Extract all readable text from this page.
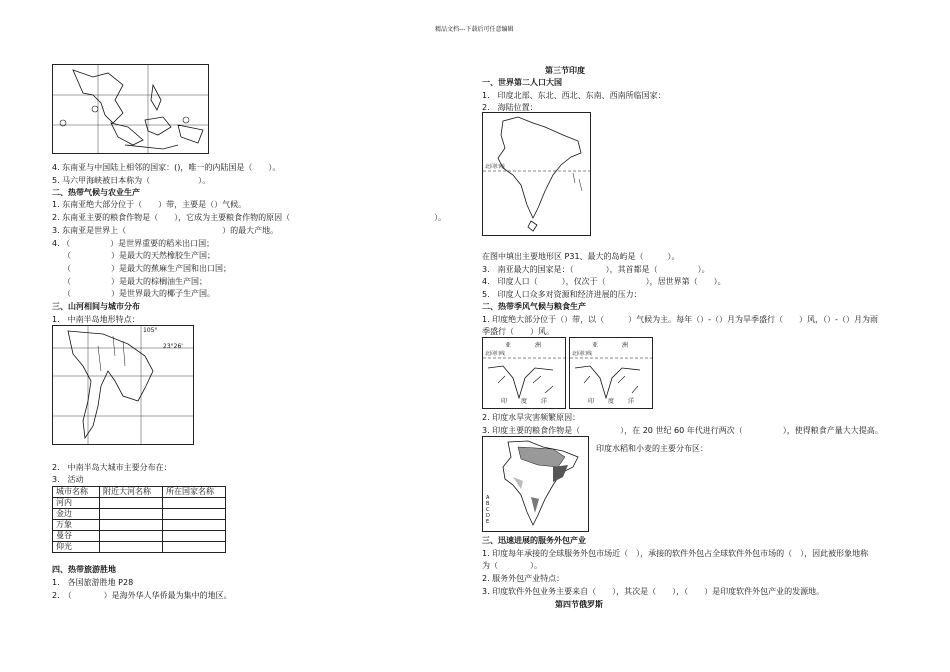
精品文档---下载后可任意编辑
4. 东南亚与中国陆上相邻的国家：()，唯一的内陆国是（　　）。
5. 马六甲海峡被日本称为（　　　　　　）。
二、热带气候与农业生产
1. 东南亚绝大部分位于（　　）带，主要是（）气候。
2. 东南亚主要的粮食作物是（　　），它成为主要粮食作物的原因（　　　　　　　　　　　　　　　　　　）。
3. 东南亚是世界上（　　　　　　　　　　　　）的最大产地。
4. （　　　　　）是世界重要的稻米出口国；
（　　　　　）是最大的天然橡胶生产国；
（　　　　　）是最大的蕉麻生产国和出口国；
（　　　　　）是最大的棕榈油生产国；
（　　　　　）是世界最大的椰子生产国。
三、山河相间与城市分布
1.　中南半岛地形特点：
105°
23°26'
2.　中南半岛大城市主要分布在：
3.　活动
城市名称	附近大河名称	所在国家名称
河内		
金边		
万象		
曼谷		
仰光		
四、热带旅游胜地
1.　各国旅游胜地 P28
2.　（　　　　）是海外华人华侨最为集中的地区。
第三节印度
一、世界第二人口大国
1.　印度北部、东北、西北、东南、西南所临国家：
2.　海陆位置：
北回归线
在图中填出主要地形区 P31、最大的岛屿是（　　　）。
3.　南亚最大的国家是：（　　　　），其首都是（　　　　　）。
4.　印度人口（　　　），仅次于（　　　　　），居世界第（　　）。
5.　印度人口众多对资源和经济进展的压力：
二、热带季风气候与粮食生产
1. 印度绝大部分位于（）带，以（　　　）气候为主。每年（）-（）月为旱季盛行（　　）风，（）-（）月为雨
季盛行（　　）风。
亚	洲
北回归线
印 度 洋
亚	洲
北回归线
印 度 洋
2. 印度水旱灾害频繁原因：
3. 印度主要的粮食作物是（　　　　　），在 20 世纪 60 年代进行两次（　　　　　），使得粮食产量大大提高。
A
B
C
D
E
印度水稻和小麦的主要分布区：
三、迅速进展的服务外包产业
1. 印度每年承接的全球服务外包市场近（　），承接的软件外包占全球软件外包市场的（　），因此被形象地称
为（　　　　）。
2. 服务外包产业特点：
3. 印度软件外包业务主要来自（　　），其次是（　　），（　　）是印度软件外包产业的发源地。
第四节俄罗斯
